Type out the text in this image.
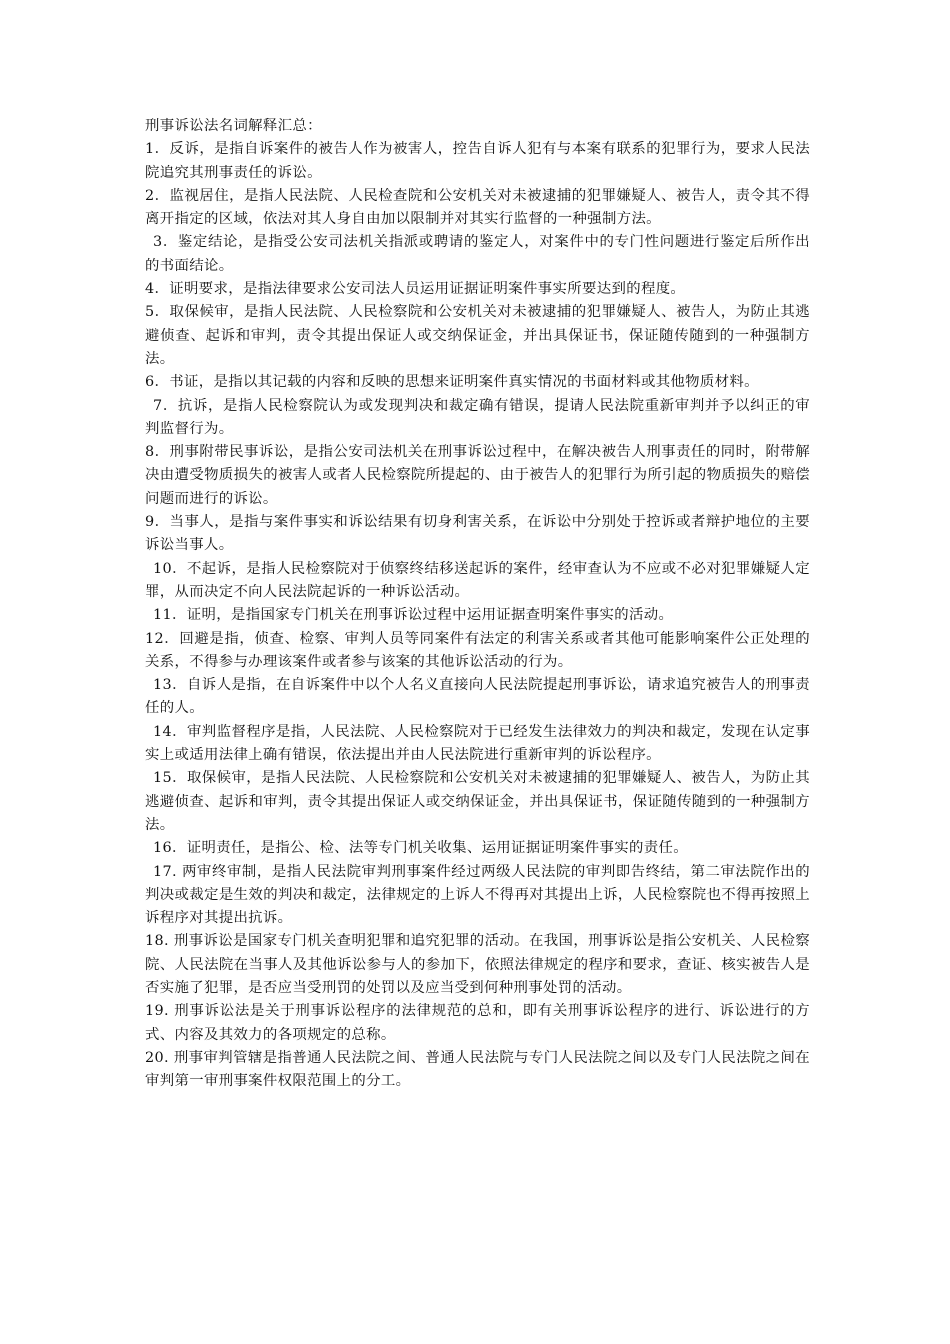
刑事诉讼法名词解释汇总：

1．反诉，是指自诉案件的被告人作为被害人，控告自诉人犯有与本案有联系的犯罪行为，要求人民法院追究其刑事责任的诉讼。

2．监视居住，是指人民法院、人民检查院和公安机关对未被逮捕的犯罪嫌疑人、被告人，责令其不得离开指定的区域，依法对其人身自由加以限制并对其实行监督的一种强制方法。

3．鉴定结论，是指受公安司法机关指派或聘请的鉴定人，对案件中的专门性问题进行鉴定后所作出的书面结论。

4．证明要求，是指法律要求公安司法人员运用证据证明案件事实所要达到的程度。

5．取保候审，是指人民法院、人民检察院和公安机关对未被逮捕的犯罪嫌疑人、被告人，为防止其逃避侦查、起诉和审判，责令其提出保证人或交纳保证金，并出具保证书，保证随传随到的一种强制方法。

6．书证，是指以其记载的内容和反映的思想来证明案件真实情况的书面材料或其他物质材料。

7．抗诉，是指人民检察院认为或发现判决和裁定确有错误，提请人民法院重新审判并予以纠正的审判监督行为。

8．刑事附带民事诉讼，是指公安司法机关在刑事诉讼过程中，在解决被告人刑事责任的同时，附带解决由遭受物质损失的被害人或者人民检察院所提起的、由于被告人的犯罪行为所引起的物质损失的赔偿问题而进行的诉讼。

9．当事人，是指与案件事实和诉讼结果有切身利害关系，在诉讼中分别处于控诉或者辩护地位的主要诉讼当事人。

10．不起诉，是指人民检察院对于侦察终结移送起诉的案件，经审查认为不应或不必对犯罪嫌疑人定罪，从而决定不向人民法院起诉的一种诉讼活动。

11．证明，是指国家专门机关在刑事诉讼过程中运用证据查明案件事实的活动。

12．回避是指，侦查、检察、审判人员等同案件有法定的利害关系或者其他可能影响案件公正处理的关系，不得参与办理该案件或者参与该案的其他诉讼活动的行为。

13．自诉人是指，在自诉案件中以个人名义直接向人民法院提起刑事诉讼，请求追究被告人的刑事责任的人。

14．审判监督程序是指，人民法院、人民检察院对于已经发生法律效力的判决和裁定，发现在认定事实上或适用法律上确有错误，依法提出并由人民法院进行重新审判的诉讼程序。

15．取保候审，是指人民法院、人民检察院和公安机关对未被逮捕的犯罪嫌疑人、被告人，为防止其逃避侦查、起诉和审判，责令其提出保证人或交纳保证金，并出具保证书，保证随传随到的一种强制方法。

16．证明责任，是指公、检、法等专门机关收集、运用证据证明案件事实的责任。

17. 两审终审制，是指人民法院审判刑事案件经过两级人民法院的审判即告终结，第二审法院作出的判决或裁定是生效的判决和裁定，法律规定的上诉人不得再对其提出上诉，人民检察院也不得再按照上诉程序对其提出抗诉。

18. 刑事诉讼是国家专门机关查明犯罪和追究犯罪的活动。在我国，刑事诉讼是指公安机关、人民检察院、人民法院在当事人及其他诉讼参与人的参加下，依照法律规定的程序和要求，查证、核实被告人是否实施了犯罪，是否应当受刑罚的处罚以及应当受到何种刑事处罚的活动。

19. 刑事诉讼法是关于刑事诉讼程序的法律规范的总和，即有关刑事诉讼程序的进行、诉讼进行的方式、内容及其效力的各项规定的总称。

20. 刑事审判管辖是指普通人民法院之间、普通人民法院与专门人民法院之间以及专门人民法院之间在审判第一审刑事案件权限范围上的分工。
